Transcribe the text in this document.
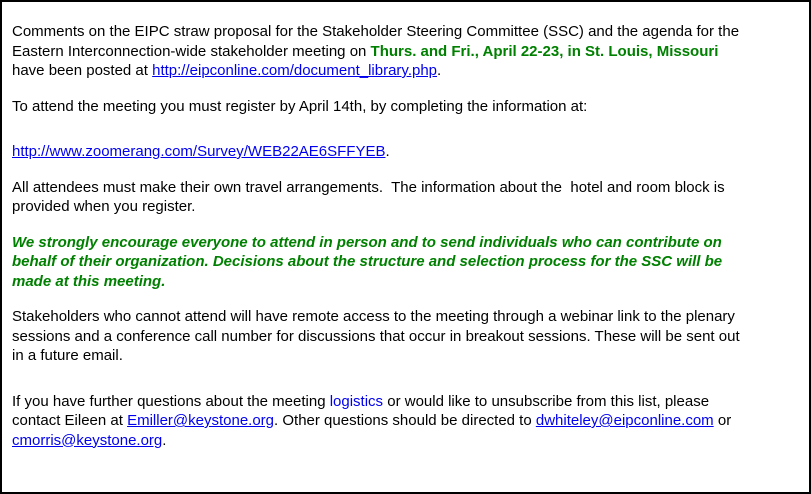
Comments on the EIPC straw proposal for the Stakeholder Steering Committee (SSC) and the agenda for the
Eastern Interconnection-wide stakeholder meeting on Thurs. and Fri., April 22-23, in St. Louis, Missouri
have been posted at http://eipconline.com/document_library.php.
To attend the meeting you must register by April 14th, by completing the information at:
http://www.zoomerang.com/Survey/WEB22AE6SFFYEB.
All attendees must make their own travel arrangements.  The information about the  hotel and room block is
provided when you register.
We strongly encourage everyone to attend in person and to send individuals who can contribute on
behalf of their organization. Decisions about the structure and selection process for the SSC will be
made at this meeting.
Stakeholders who cannot attend will have remote access to the meeting through a webinar link to the plenary
sessions and a conference call number for discussions that occur in breakout sessions. These will be sent out
in a future email.
If you have further questions about the meeting logistics or would like to unsubscribe from this list, please
contact Eileen at Emiller@keystone.org. Other questions should be directed to dwhiteley@eipconline.com or
cmorris@keystone.org.
